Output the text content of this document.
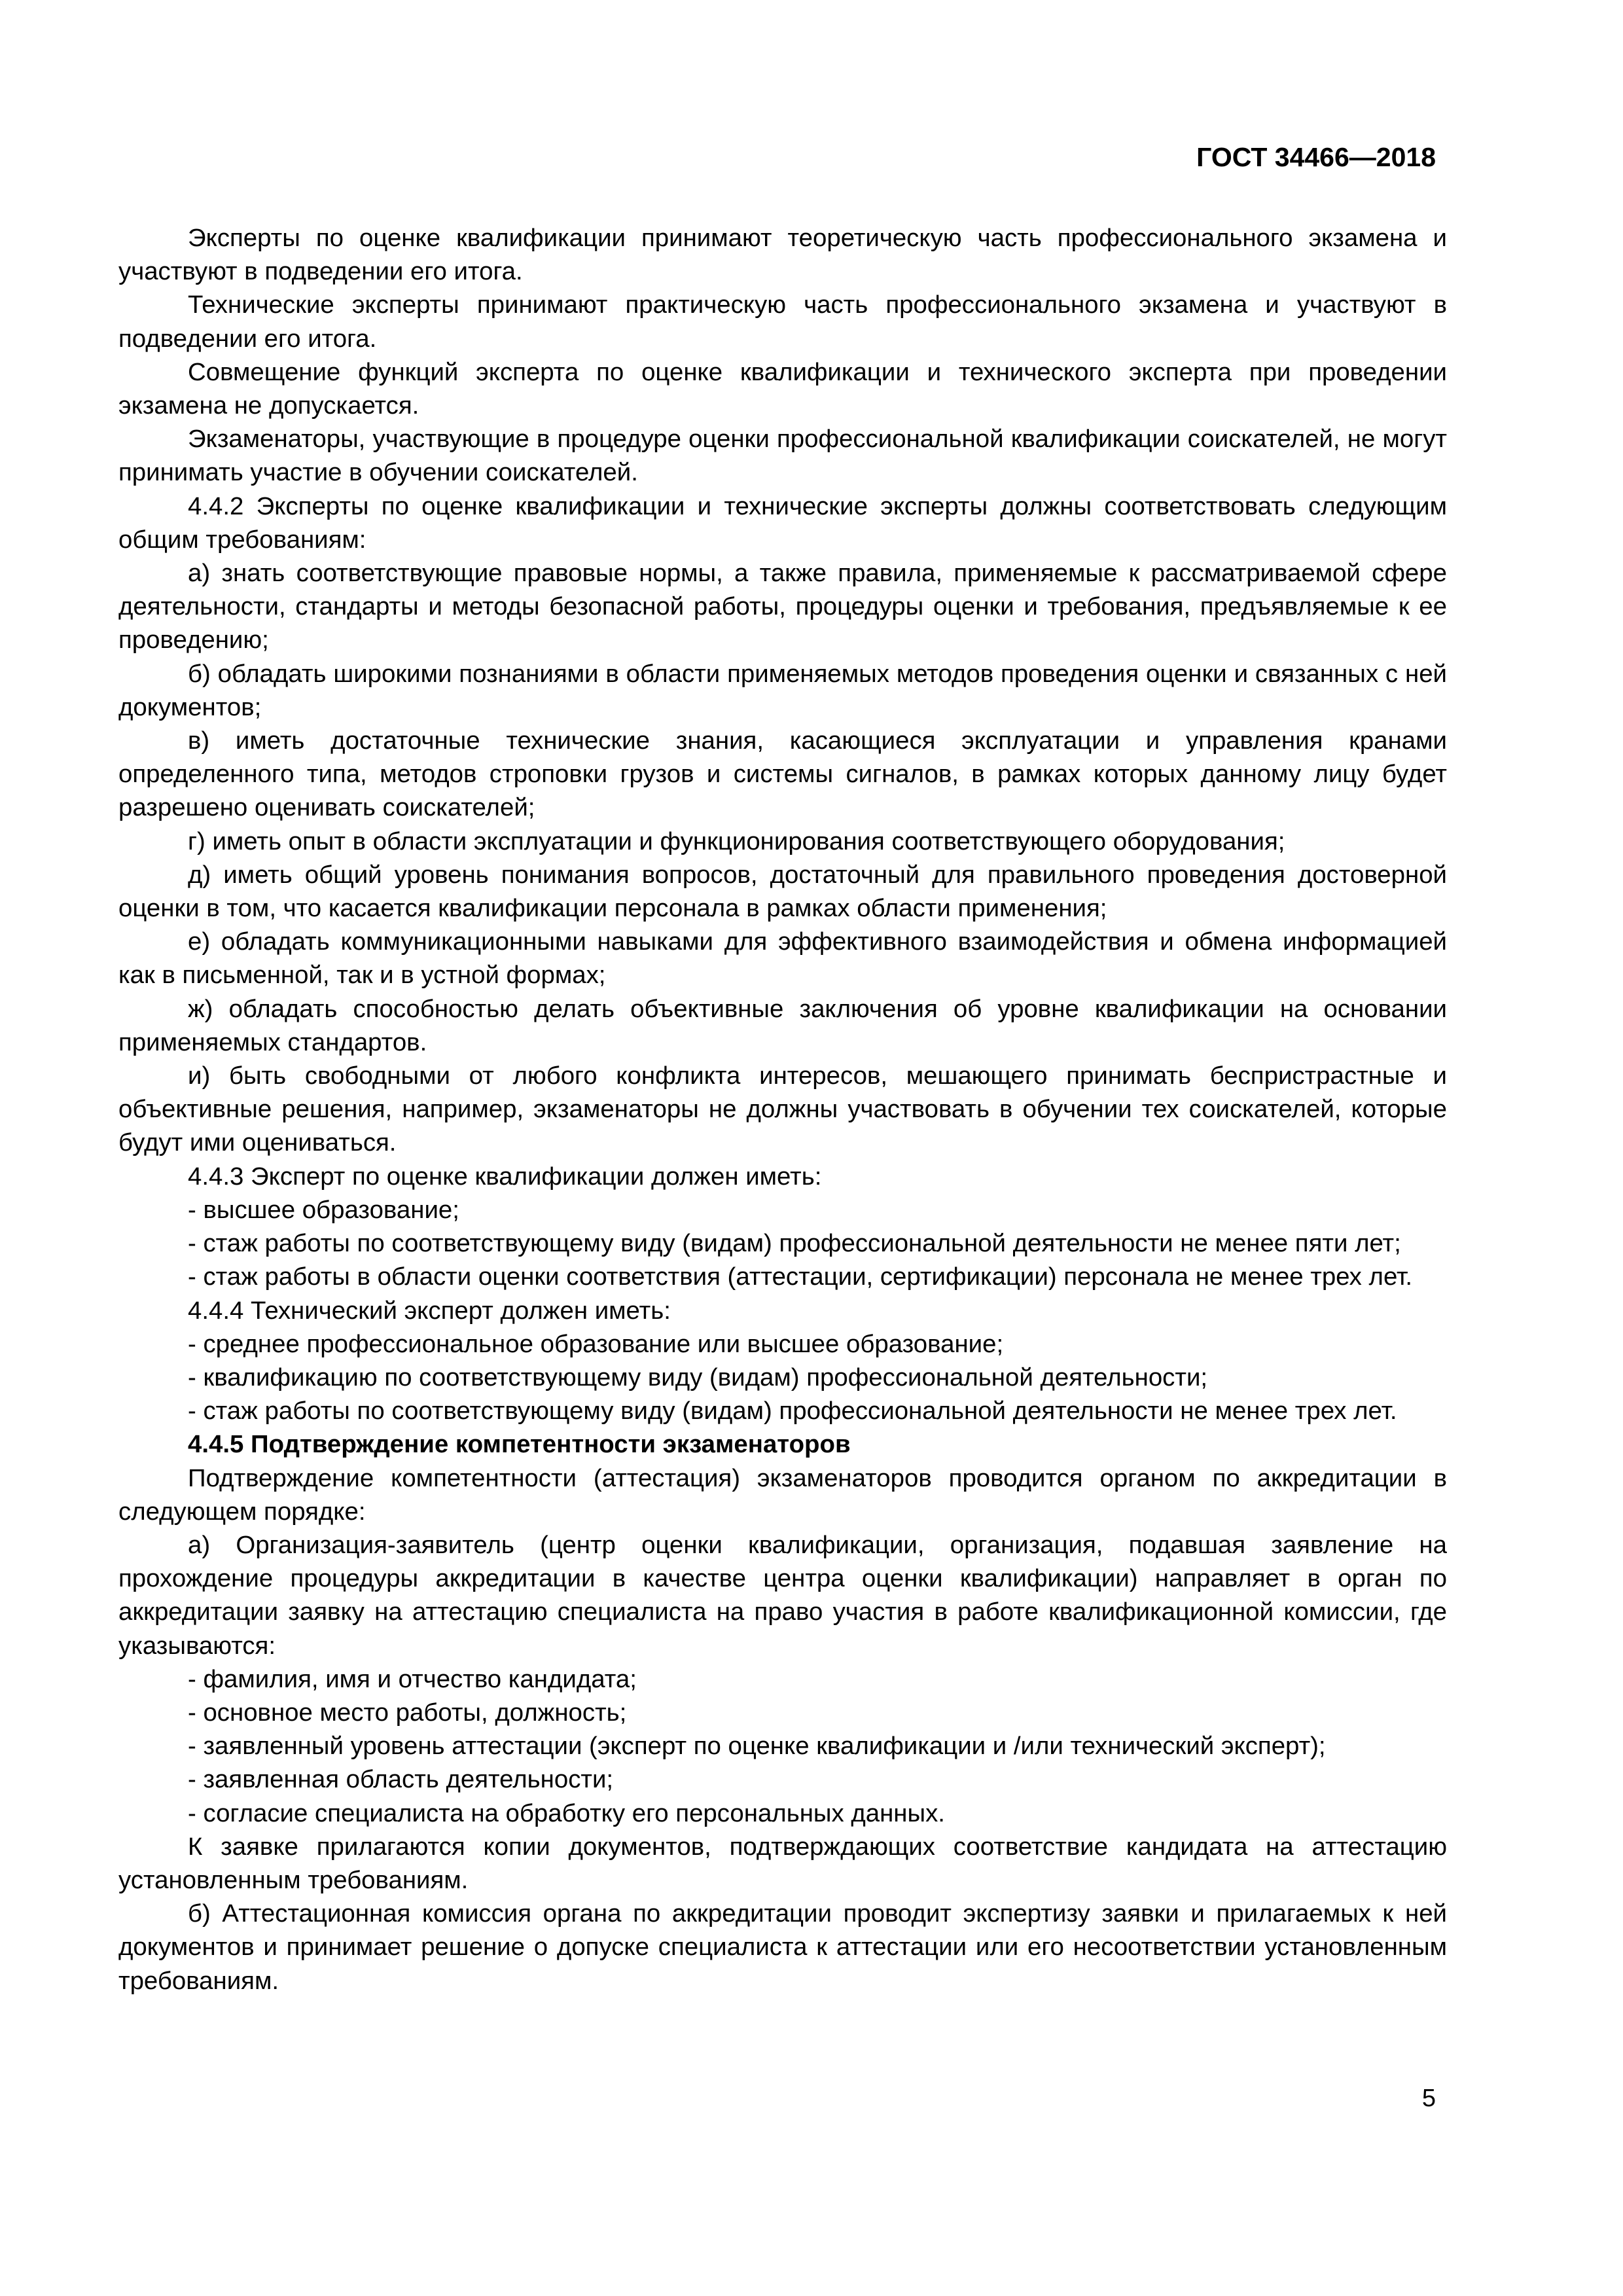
ГОСТ 34466—2018

Эксперты по оценке квалификации принимают теоретическую часть профессионального экзамена и участвуют в подведении его итога.

Технические эксперты принимают практическую часть профессионального экзамена и участвуют в подведении его итога.

Совмещение функций эксперта по оценке квалификации и технического эксперта при проведении экзамена не допускается.

Экзаменаторы, участвующие в процедуре оценки профессиональной квалификации соискателей, не могут принимать участие в обучении соискателей.

4.4.2 Эксперты по оценке квалификации и технические эксперты должны соответствовать следующим общим требованиям:

а) знать соответствующие правовые нормы, а также правила, применяемые к рассматриваемой сфере деятельности, стандарты и методы безопасной работы, процедуры оценки и требования, предъявляемые к ее проведению;

б) обладать широкими познаниями в области применяемых методов проведения оценки и связанных с ней документов;

в) иметь достаточные технические знания, касающиеся эксплуатации и управления кранами определенного типа, методов строповки грузов и системы сигналов, в рамках которых данному лицу будет разрешено оценивать соискателей;

г) иметь опыт в области эксплуатации и функционирования соответствующего оборудования;

д) иметь общий уровень понимания вопросов, достаточный для правильного проведения достоверной оценки в том, что касается квалификации персонала в рамках области применения;

е) обладать коммуникационными навыками для эффективного взаимодействия и обмена информацией как в письменной, так и в устной формах;

ж) обладать способностью делать объективные заключения об уровне квалификации на основании применяемых стандартов.

и) быть свободными от любого конфликта интересов, мешающего принимать беспристрастные и объективные решения, например, экзаменаторы не должны участвовать в обучении тех соискателей, которые будут ими оцениваться.

4.4.3 Эксперт по оценке квалификации должен иметь:

- высшее образование;

- стаж работы по соответствующему виду (видам) профессиональной деятельности не менее пяти лет;

- стаж работы в области оценки соответствия (аттестации, сертификации) персонала не менее трех лет.

4.4.4 Технический эксперт должен иметь:

- среднее профессиональное образование или высшее образование;

- квалификацию по соответствующему виду (видам) профессиональной деятельности;

- стаж работы по соответствующему виду (видам) профессиональной деятельности не менее трех лет.

4.4.5 Подтверждение компетентности экзаменаторов

Подтверждение компетентности (аттестация) экзаменаторов проводится органом по аккредитации в следующем порядке:

а) Организация-заявитель (центр оценки квалификации, организация, подавшая заявление на прохождение процедуры аккредитации в качестве центра оценки квалификации) направляет в орган по аккредитации заявку на аттестацию специалиста на право участия в работе квалификационной комиссии, где указываются:

- фамилия, имя и отчество кандидата;

- основное место работы, должность;

- заявленный уровень аттестации (эксперт по оценке квалификации и /или технический эксперт);

- заявленная область деятельности;

- согласие специалиста на обработку его персональных данных.

К заявке прилагаются копии документов, подтверждающих соответствие кандидата на аттестацию установленным требованиям.

б) Аттестационная комиссия органа по аккредитации проводит экспертизу заявки и прилагаемых к ней документов и принимает решение о допуске специалиста к аттестации или его несоответствии установленным требованиям.

5
